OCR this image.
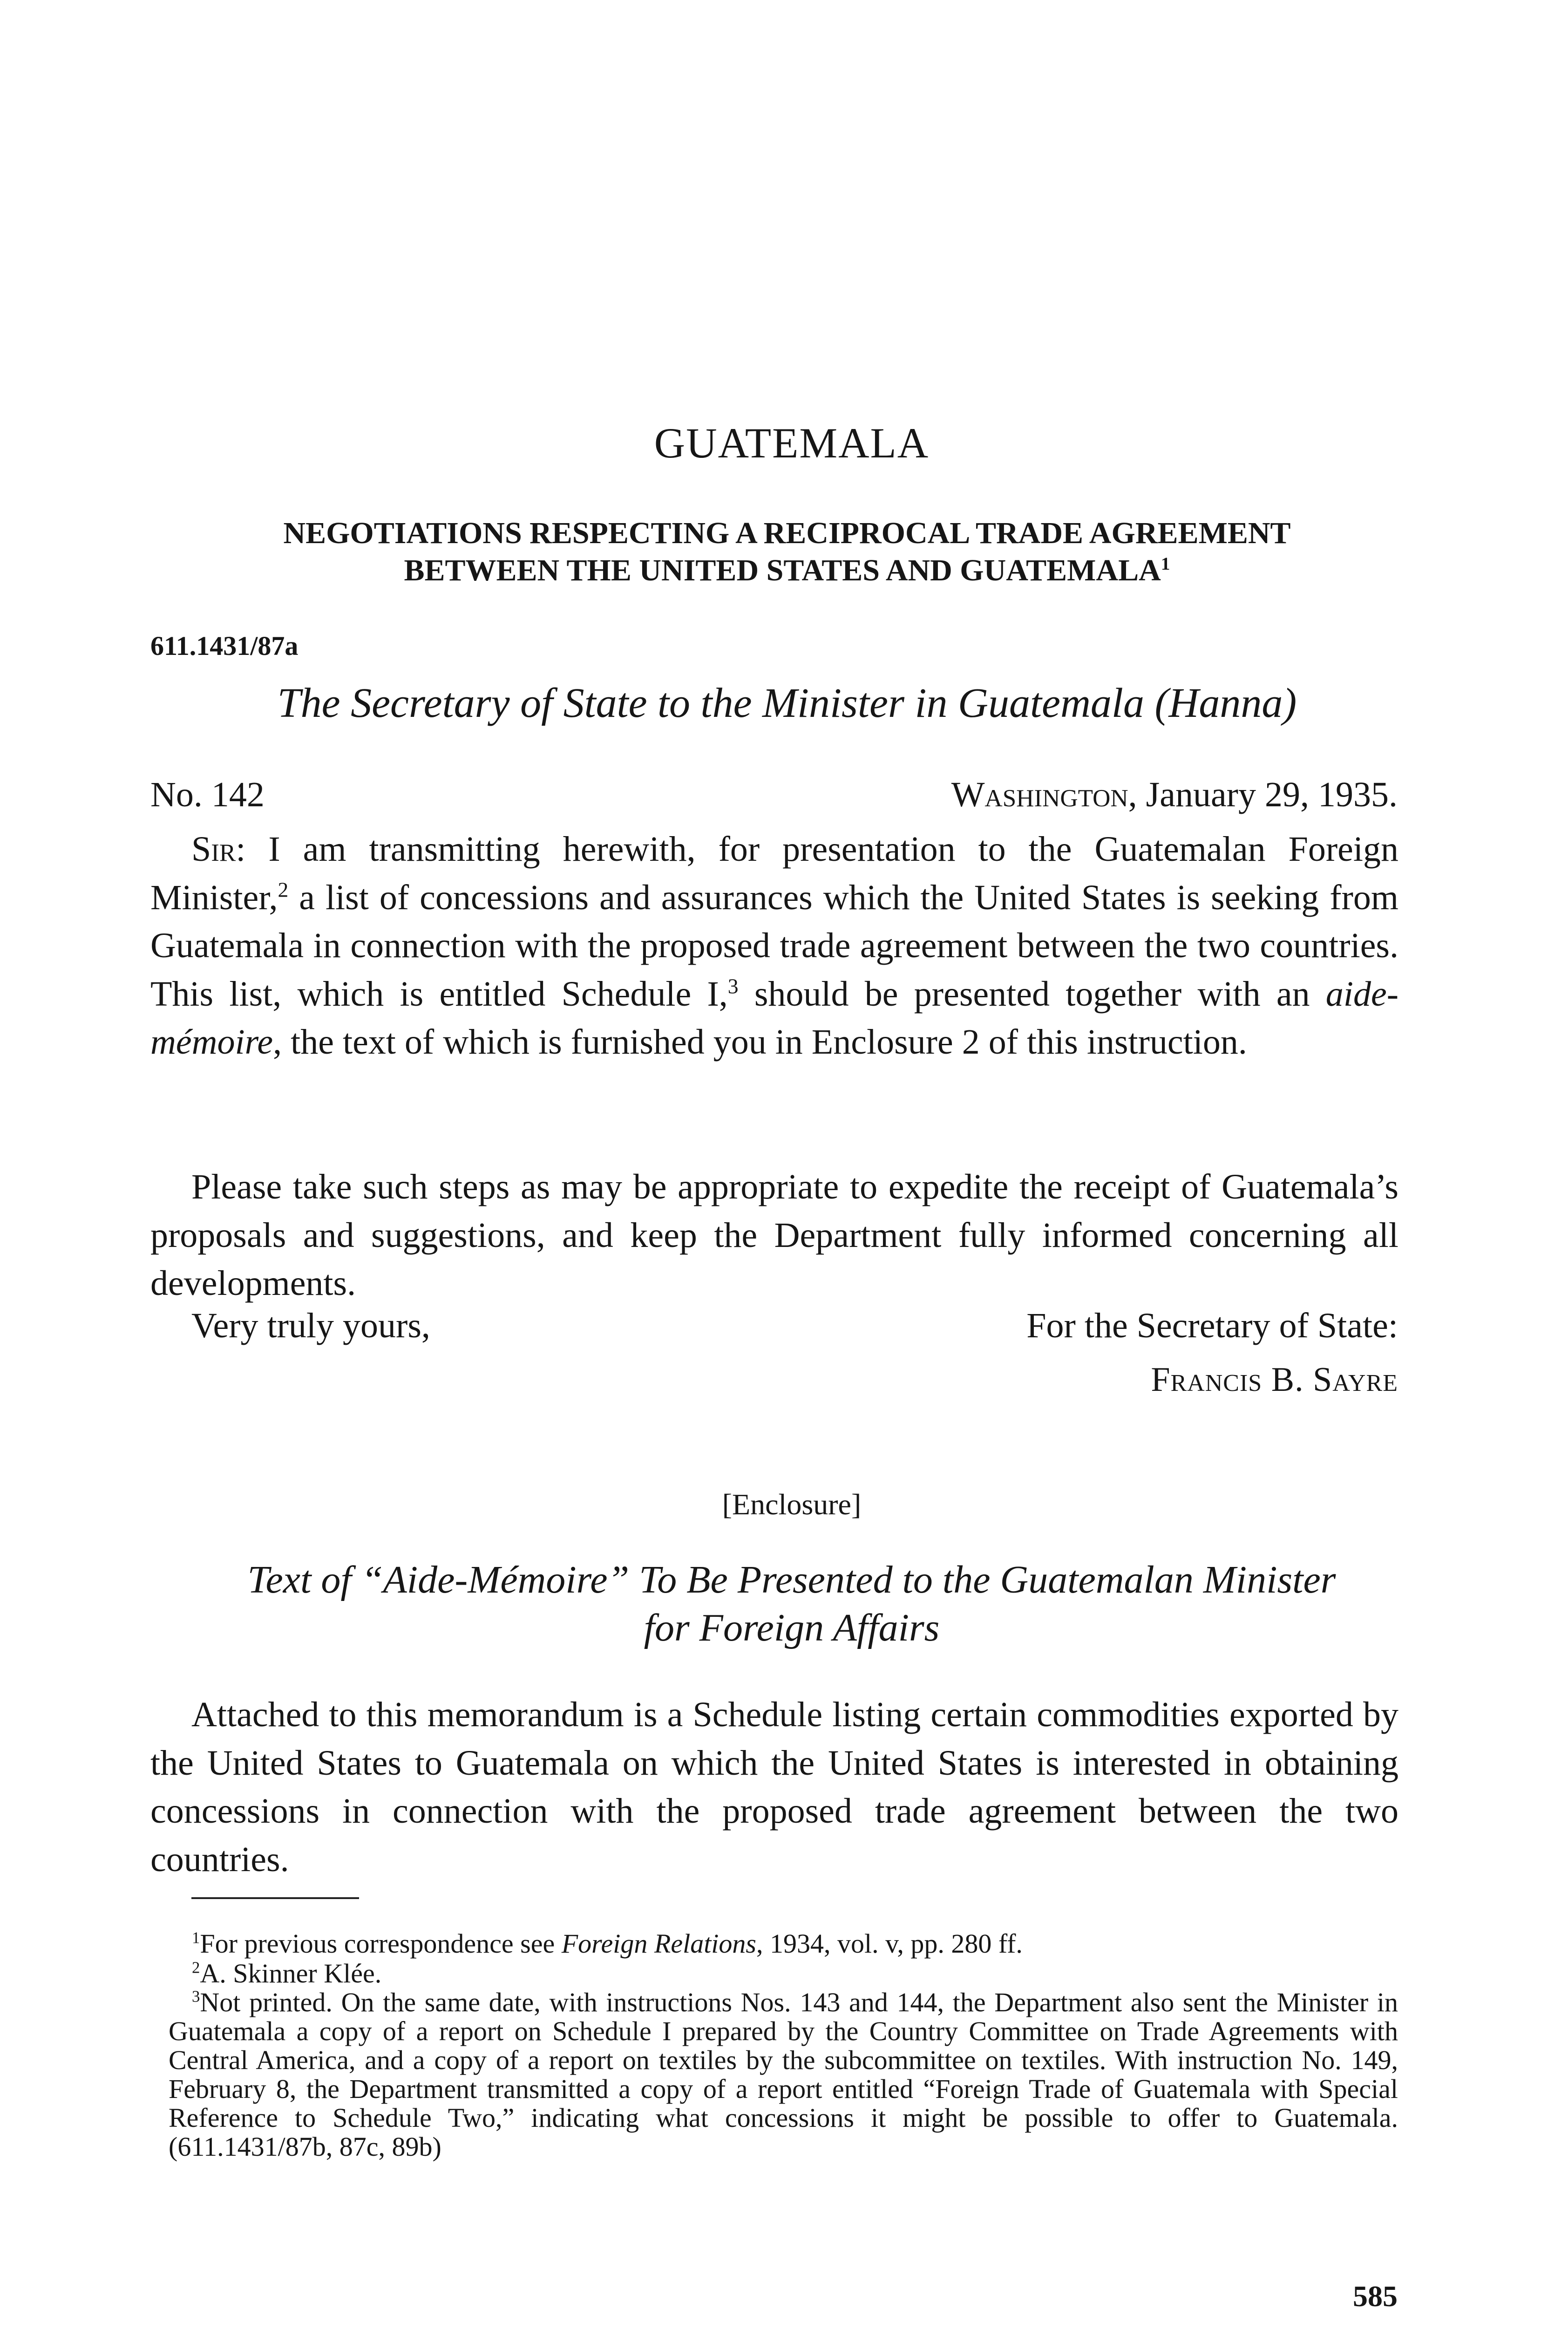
GUATEMALA
NEGOTIATIONS RESPECTING A RECIPROCAL TRADE AGREEMENT
BETWEEN THE UNITED STATES AND GUATEMALA$^1$
611.1431/87a
The Secretary of State to the Minister in Guatemala (Hanna)
No. 142	Washington, January 29, 1935.

Sir: I am transmitting herewith, for presentation to the Guatemalan Foreign Minister,$^2$ a list of concessions and assurances which the United States is seeking from Guatemala in connection with the proposed trade agreement between the two countries. This list, which is entitled Schedule I,$^3$ should be presented together with an aide-mémoire, the text of which is furnished you in Enclosure 2 of this instruction.

Please take such steps as may be appropriate to expedite the receipt of Guatemala’s proposals and suggestions, and keep the Department fully informed concerning all developments.

Very truly yours,	For the Secretary of State:
Francis B. Sayre
[Enclosure]
Text of “Aide-Mémoire” To Be Presented to the Guatemalan Minister
for Foreign Affairs

Attached to this memorandum is a Schedule listing certain commodities exported by the United States to Guatemala on which the United States is interested in obtaining concessions in connection with the proposed trade agreement between the two countries.

$^1$For previous correspondence see Foreign Relations, 1934, vol. v, pp. 280 ff.

$^2$A. Skinner Klée.

$^3$Not printed. On the same date, with instructions Nos. 143 and 144, the Department also sent the Minister in Guatemala a copy of a report on Schedule I prepared by the Country Committee on Trade Agreements with Central America, and a copy of a report on textiles by the subcommittee on textiles. With instruction No. 149, February 8, the Department transmitted a copy of a report entitled “Foreign Trade of Guatemala with Special Reference to Schedule Two,” indicating what concessions it might be possible to offer to Guatemala. (611.1431/87b, 87c, 89b)

585
